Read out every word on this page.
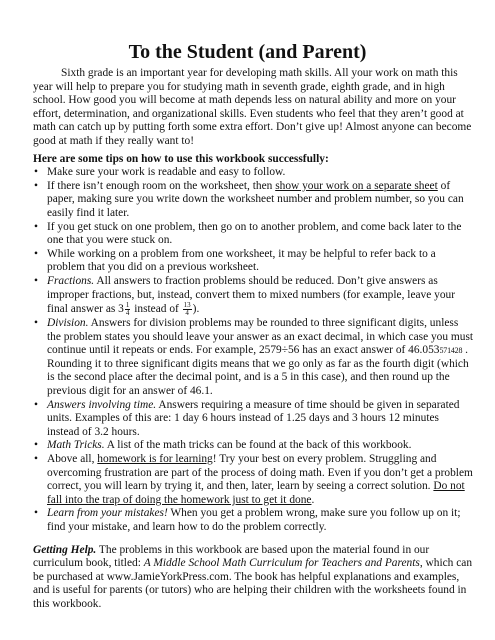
To the Student (and Parent)

Sixth grade is an important year for developing math skills. All your work on math this year will help to prepare you for studying math in seventh grade, eighth grade, and in high school. How good you will become at math depends less on natural ability and more on your effort, determination, and organizational skills. Even students who feel that they aren’t good at math can catch up by putting forth some extra effort. Don’t give up! Almost anyone can become good at math if they really want to!

Here are some tips on how to use this workbook successfully:

• Make sure your work is readable and easy to follow.
• If there isn’t enough room on the worksheet, then show your work on a separate sheet of paper, making sure you write down the worksheet number and problem number, so you can easily find it later.
• If you get stuck on one problem, then go on to another problem, and come back later to the one that you were stuck on.
• While working on a problem from one worksheet, it may be helpful to refer back to a problem that you did on a previous worksheet.
• Fractions. All answers to fraction problems should be reduced. Don’t give answers as improper fractions, but, instead, convert them to mixed numbers (for example, leave your final answer as $3 \frac{1}{4}$ instead of $\frac{13}{4}$ ).
• Division. Answers for division problems may be rounded to three significant digits, unless the problem states you should leave your answer as an exact decimal, in which case you must continue until it repeats or ends. For example, 2579÷56 has an exact answer of 46.053571428 . Rounding it to three significant digits means that we go only as far as the fourth digit (which is the second place after the decimal point, and is a 5 in this case), and then round up the previous digit for an answer of 46.1.
• Answers involving time. Answers requiring a measure of time should be given in separated units. Examples of this are: 1 day 6 hours instead of 1.25 days and 3 hours 12 minutes instead of 3.2 hours.
• Math Tricks. A list of the math tricks can be found at the back of this workbook.
• Above all, homework is for learning! Try your best on every problem. Struggling and overcoming frustration are part of the process of doing math. Even if you don’t get a problem correct, you will learn by trying it, and then, later, learn by seeing a correct solution. Do not fall into the trap of doing the homework just to get it done.
• Learn from your mistakes! When you get a problem wrong, make sure you follow up on it; find your mistake, and learn how to do the problem correctly.

Getting Help. The problems in this workbook are based upon the material found in our curriculum book, titled: A Middle School Math Curriculum for Teachers and Parents, which can be purchased at www.JamieYorkPress.com. The book has helpful explanations and examples, and is useful for parents (or tutors) who are helping their children with the worksheets found in this workbook.
